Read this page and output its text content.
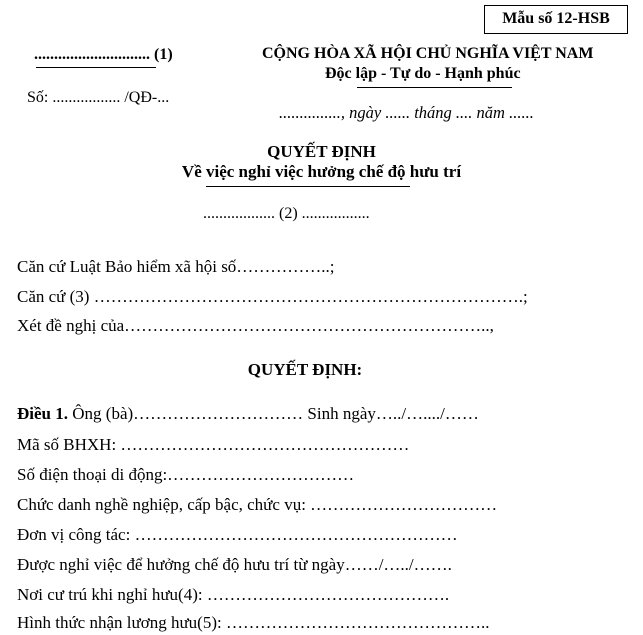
Mẫu số 12-HSB
............................. (1)
Số: ................. /QĐ-...
CỘNG HÒA XÃ HỘI CHỦ NGHĨA VIỆT NAM
Độc lập - Tự do - Hạnh phúc
..............., ngày ...... tháng .... năm ......
QUYẾT ĐỊNH
Về việc nghỉ việc hưởng chế độ hưu trí
.................. (2) .................
Căn cứ Luật Bảo hiểm xã hội số……………..;
Căn cứ (3) ………………………………………………………………….;
Xét đề nghị của………………………………………………………..,
QUYẾT ĐỊNH:
Điều 1. Ông (bà)………………………… Sinh ngày…../…..../……
Mã số BHXH: ……………………………………………
Số điện thoại di động:……………………………
Chức danh nghề nghiệp, cấp bậc, chức vụ: ……………………………
Đơn vị công tác: …………………………………………………
Được nghỉ việc để hưởng chế độ hưu trí từ ngày……/…../…….
Nơi cư trú khi nghỉ hưu(4): …………………………………….
Hình thức nhận lương hưu(5): ………………………………………..
